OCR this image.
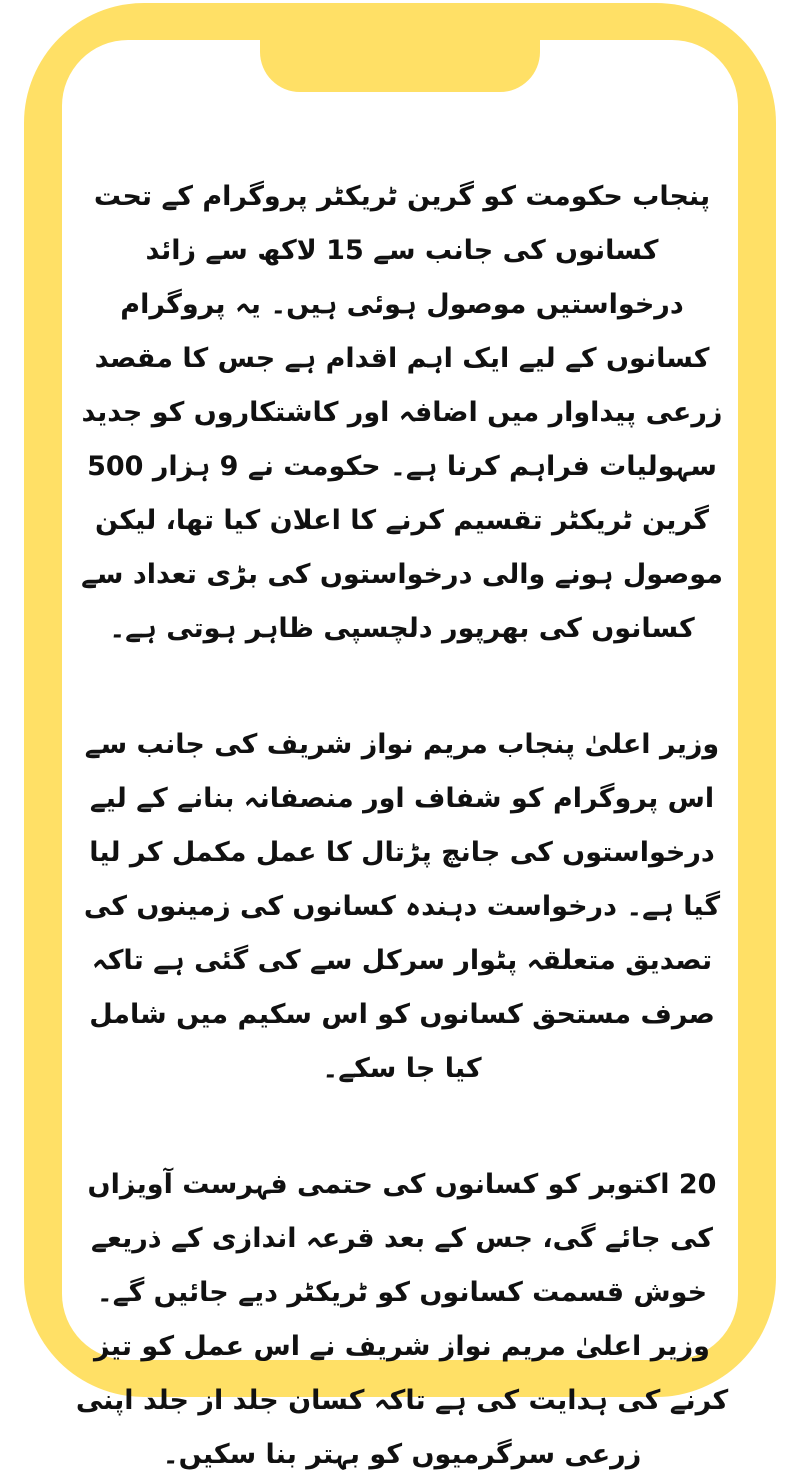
پنجاب حکومت کو گرین ٹریکٹر پروگرام کے تحت کسانوں کی جانب سے 15 لاکھ سے زائد درخواستیں موصول ہوئی ہیں۔ یہ پروگرام کسانوں کے لیے ایک اہم اقدام ہے جس کا مقصد زرعی پیداوار میں اضافہ اور کاشتکاروں کو جدید سہولیات فراہم کرنا ہے۔ حکومت نے 9 ہزار 500 گرین ٹریکٹر تقسیم کرنے کا اعلان کیا تھا، لیکن موصول ہونے والی درخواستوں کی بڑی تعداد سے کسانوں کی بھرپور دلچسپی ظاہر ہوتی ہے۔

وزیر اعلیٰ پنجاب مریم نواز شریف کی جانب سے اس پروگرام کو شفاف اور منصفانہ بنانے کے لیے درخواستوں کی جانچ پڑتال کا عمل مکمل کر لیا گیا ہے۔ درخواست دہندہ کسانوں کی زمینوں کی تصدیق متعلقہ پٹوار سرکل سے کی گئی ہے تاکہ صرف مستحق کسانوں کو اس سکیم میں شامل کیا جا سکے۔

20 اکتوبر کو کسانوں کی حتمی فہرست آویزاں کی جائے گی، جس کے بعد قرعہ اندازی کے ذریعے خوش قسمت کسانوں کو ٹریکٹر دیے جائیں گے۔ وزیر اعلیٰ مریم نواز شریف نے اس عمل کو تیز کرنے کی ہدایت کی ہے تاکہ کسان جلد از جلد اپنی زرعی سرگرمیوں کو بہتر بنا سکیں۔
